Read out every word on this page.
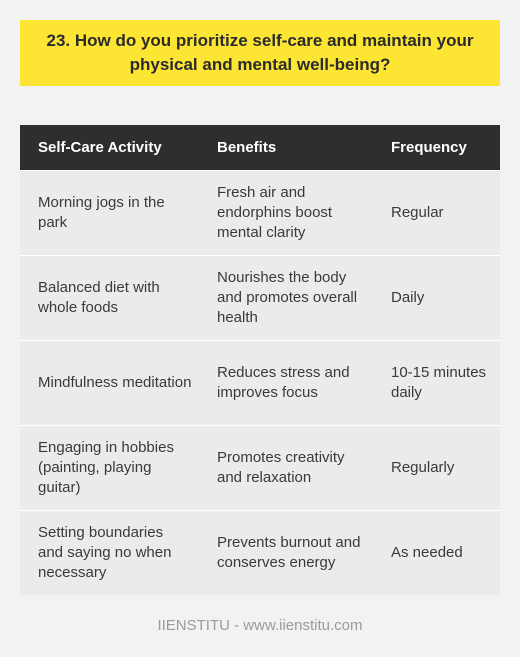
23. How do you prioritize self-care and maintain your physical and mental well-being?
Self-Care Activity	Benefits	Frequency
Morning jogs in the park
Fresh air and endorphins boost mental clarity
Regular
Balanced diet with whole foods
Nourishes the body and promotes overall health
Daily
Mindfulness meditation
Reduces stress and improves focus
10-15 minutes daily
Engaging in hobbies (painting, playing guitar)
Promotes creativity and relaxation
Regularly
Setting boundaries and saying no when necessary
Prevents burnout and conserves energy
As needed
IIENSTITU - www.iienstitu.com
